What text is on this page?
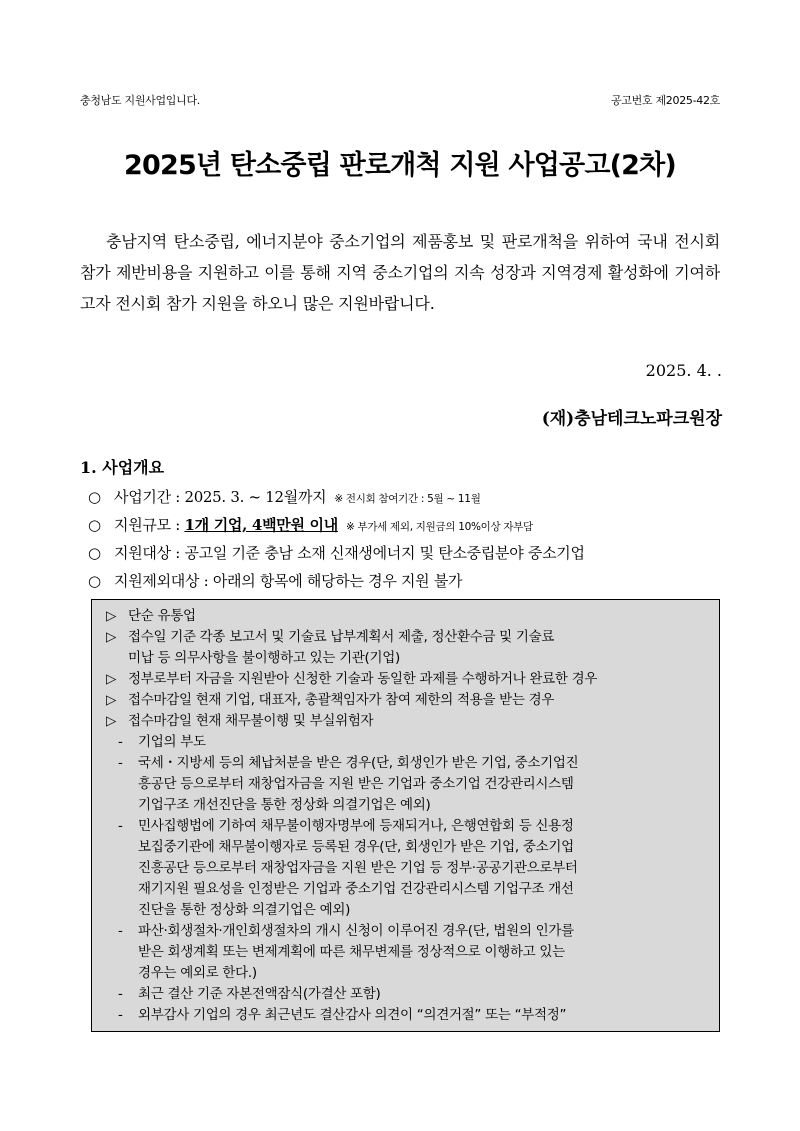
충청남도 지원사업입니다.	공고번호 제2025-42호
2025년 탄소중립 판로개척 지원 사업공고(2차)
충남지역 탄소중립, 에너지분야 중소기업의 제품홍보 및 판로개척을 위하여 국내 전시회 참가 제반비용을 지원하고 이를 통해 지역 중소기업의 지속 성장과 지역경제 활성화에 기여하고자 전시회 참가 지원을 하오니 많은 지원바랍니다.
2025. 4. .
(재)충남테크노파크원장
1. 사업개요
○ 사업기간 : 2025. 3. ~ 12월까지 ※ 전시회 참여기간 : 5월 ~ 11월
○ 지원규모 : 1개 기업, 4백만원 이내 ※ 부가세 제외, 지원금의 10%이상 자부담
○ 지원대상 : 공고일 기준 충남 소재 신재생에너지 및 탄소중립분야 중소기업
○ 지원제외대상 : 아래의 항목에 해당하는 경우 지원 불가
▷ 단순 유통업
▷ 접수일 기준 각종 보고서 및 기술료 납부계획서 제출, 정산환수금 및 기술료
미납 등 의무사항을 불이행하고 있는 기관(기업)
▷ 정부로부터 자금을 지원받아 신청한 기술과 동일한 과제를 수행하거나 완료한 경우
▷ 접수마감일 현재 기업, 대표자, 총괄책임자가 참여 제한의 적용을 받는 경우
▷ 접수마감일 현재 채무불이행 및 부실위험자
- 기업의 부도
- 국세・지방세 등의 체납처분을 받은 경우(단, 회생인가 받은 기업, 중소기업진
흥공단 등으로부터 재창업자금을 지원 받은 기업과 중소기업 건강관리시스템
기업구조 개선진단을 통한 정상화 의결기업은 예외)
- 민사집행법에 기하여 채무불이행자명부에 등재되거나, 은행연합회 등 신용정
보집중기관에 채무불이행자로 등록된 경우(단, 회생인가 받은 기업, 중소기업
진흥공단 등으로부터 재창업자금을 지원 받은 기업 등 정부·공공기관으로부터
재기지원 필요성을 인정받은 기업과 중소기업 건강관리시스템 기업구조 개선
진단을 통한 정상화 의결기업은 예외)
- 파산·회생절차·개인회생절차의 개시 신청이 이루어진 경우(단, 법원의 인가를
받은 회생계획 또는 변제계획에 따른 채무변제를 정상적으로 이행하고 있는
경우는 예외로 한다.)
- 최근 결산 기준 자본전액잠식(가결산 포함)
- 외부감사 기업의 경우 최근년도 결산감사 의견이 “의견거절” 또는 “부적정”
